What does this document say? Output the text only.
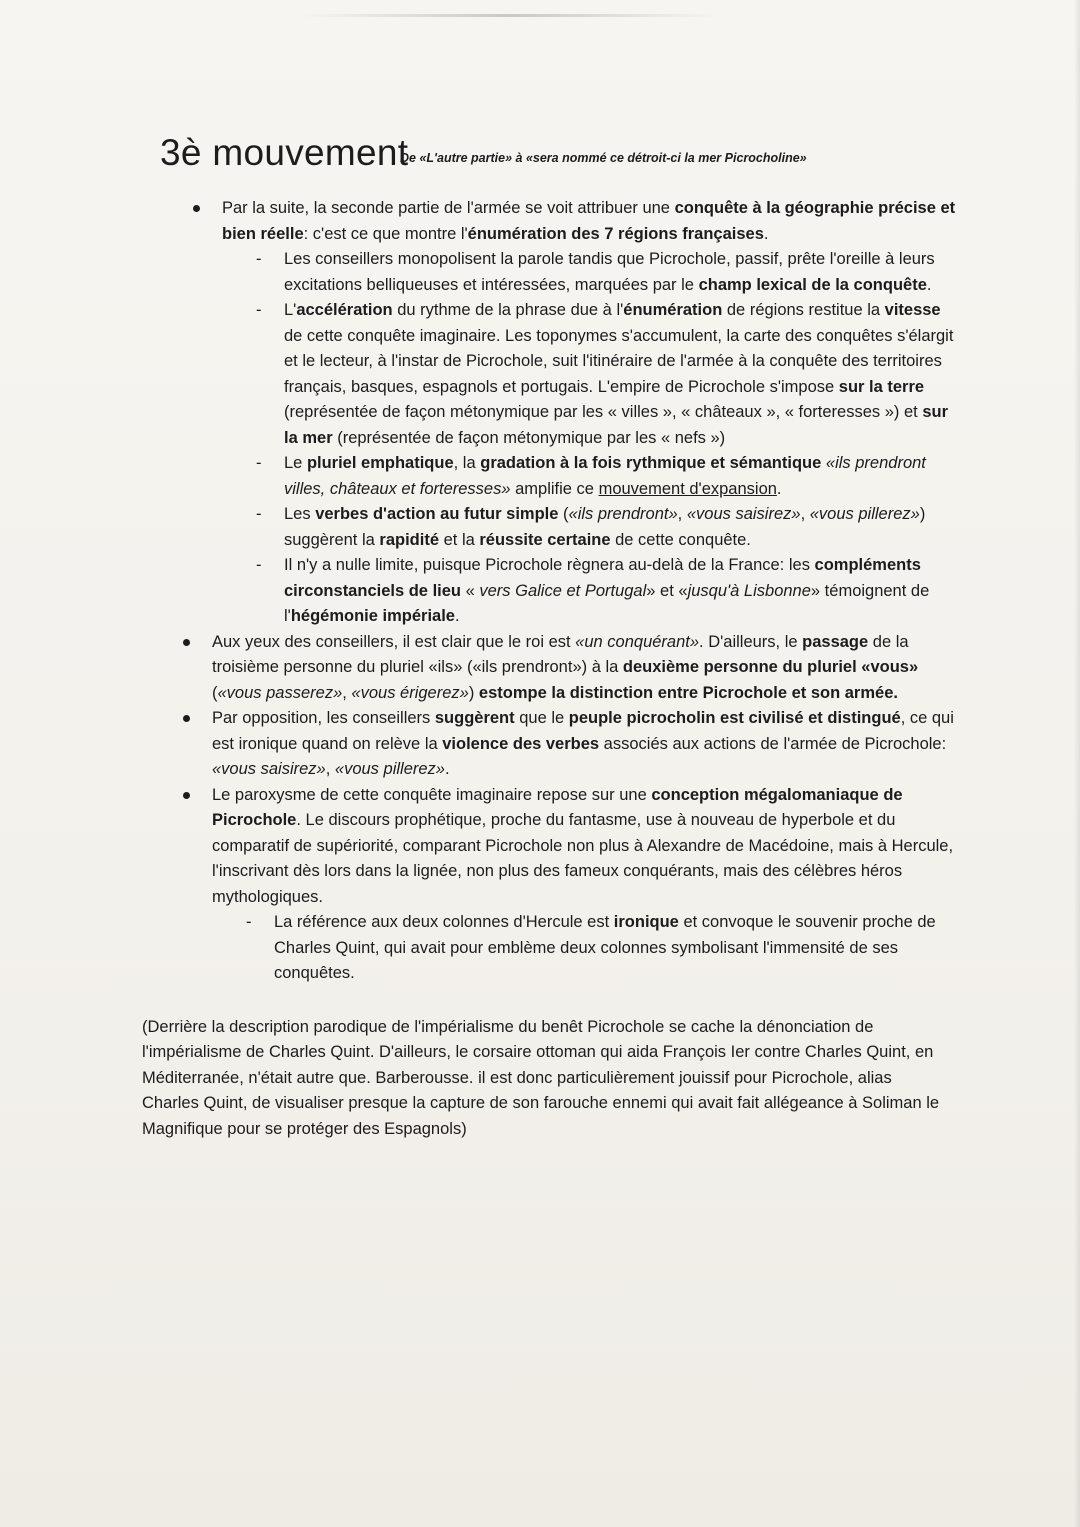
3è mouvement
De «L'autre partie» à «sera nommé ce détroit-ci la mer Picrocholine»
Par la suite, la seconde partie de l'armée se voit attribuer une conquête à la géographie précise et bien réelle: c'est ce que montre l'énumération des 7 régions françaises.
- Les conseillers monopolisent la parole tandis que Picrochole, passif, prête l'oreille à leurs excitations belliqueuses et intéressées, marquées par le champ lexical de la conquête.
- L'accélération du rythme de la phrase due à l'énumération de régions restitue la vitesse de cette conquête imaginaire. Les toponymes s'accumulent, la carte des conquêtes s'élargit et le lecteur, à l'instar de Picrochole, suit l'itinéraire de l'armée à la conquête des territoires français, basques, espagnols et portugais. L'empire de Picrochole s'impose sur la terre (représentée de façon métonymique par les « villes », « châteaux », « forteresses ») et sur la mer (représentée de façon métonymique par les « nefs »)
- Le pluriel emphatique, la gradation à la fois rythmique et sémantique «ils prendront villes, châteaux et forteresses» amplifie ce mouvement d'expansion.
- Les verbes d'action au futur simple («ils prendront», «vous saisirez», «vous pillerez») suggèrent la rapidité et la réussite certaine de cette conquête.
- Il n'y a nulle limite, puisque Picrochole règnera au-delà de la France: les compléments circonstanciels de lieu « vers Galice et Portugal» et «jusqu'à Lisbonne» témoignent de l'hégémonie impériale.
Aux yeux des conseillers, il est clair que le roi est «un conquérant». D'ailleurs, le passage de la troisième personne du pluriel «ils» («ils prendront») à la deuxième personne du pluriel «vous» («vous passerez», «vous érigerez») estompe la distinction entre Picrochole et son armée.
Par opposition, les conseillers suggèrent que le peuple picrocholin est civilisé et distingué, ce qui est ironique quand on relève la violence des verbes associés aux actions de l'armée de Picrochole: «vous saisirez», «vous pillerez».
Le paroxysme de cette conquête imaginaire repose sur une conception mégalomaniaque de Picrochole. Le discours prophétique, proche du fantasme, use à nouveau de hyperbole et du comparatif de supériorité, comparant Picrochole non plus à Alexandre de Macédoine, mais à Hercule, l'inscrivant dès lors dans la lignée, non plus des fameux conquérants, mais des célèbres héros mythologiques.
- La référence aux deux colonnes d'Hercule est ironique et convoque le souvenir proche de Charles Quint, qui avait pour emblème deux colonnes symbolisant l'immensité de ses conquêtes.
(Derrière la description parodique de l'impérialisme du benêt Picrochole se cache la dénonciation de l'impérialisme de Charles Quint. D'ailleurs, le corsaire ottoman qui aida François Ier contre Charles Quint, en Méditerranée, n'était autre que. Barberousse. il est donc particulièrement jouissif pour Picrochole, alias Charles Quint, de visualiser presque la capture de son farouche ennemi qui avait fait allégeance à Soliman le Magnifique pour se protéger des Espagnols)
